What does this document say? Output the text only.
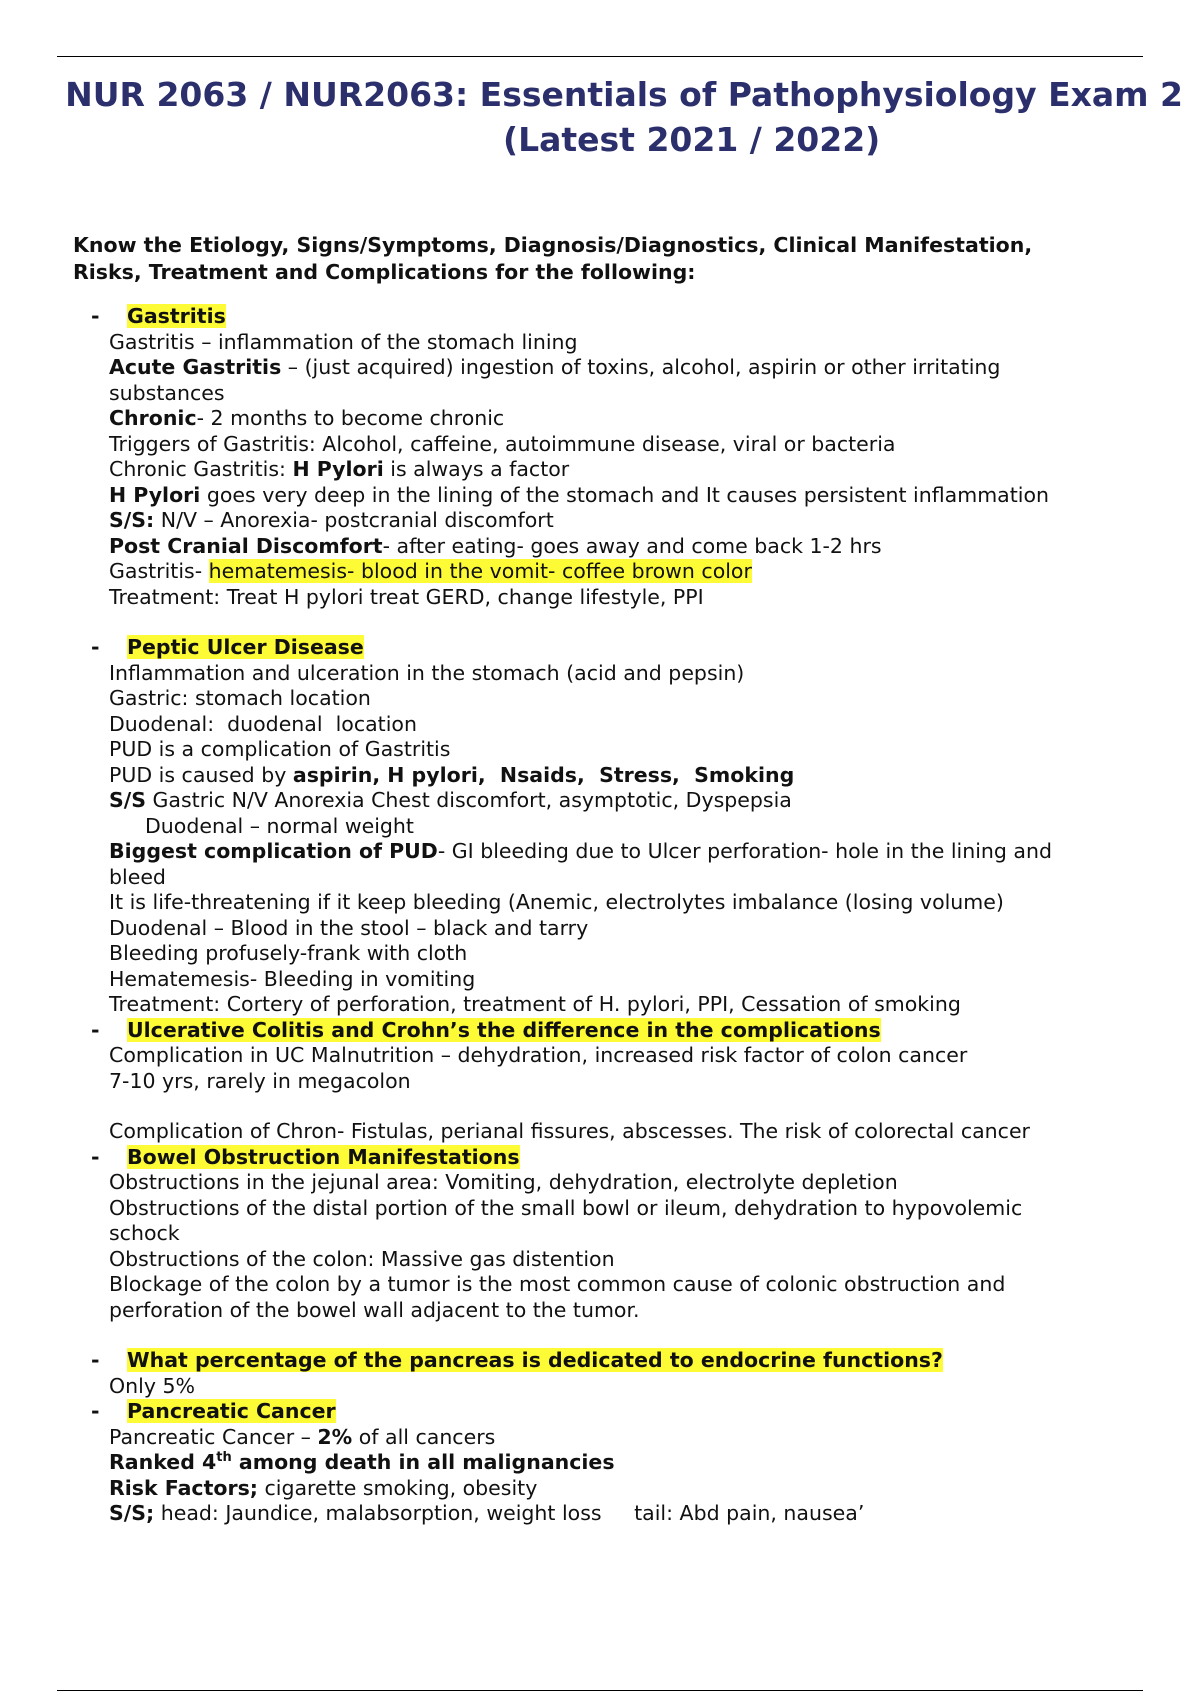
NUR 2063 / NUR2063: Essentials of Pathophysiology Exam 2
(Latest 2021 / 2022)
Know the Etiology, Signs/Symptoms, Diagnosis/Diagnostics, Clinical Manifestation,
Risks, Treatment and Complications for the following:
- Gastritis
Gastritis – inflammation of the stomach lining
Acute Gastritis – (just acquired) ingestion of toxins, alcohol, aspirin or other irritating
substances
Chronic- 2 months to become chronic
Triggers of Gastritis: Alcohol, caffeine, autoimmune disease, viral or bacteria
Chronic Gastritis: H Pylori is always a factor
H Pylori goes very deep in the lining of the stomach and It causes persistent inflammation
S/S: N/V – Anorexia- postcranial discomfort
Post Cranial Discomfort- after eating- goes away and come back 1-2 hrs
Gastritis- hematemesis- blood in the vomit- coffee brown color
Treatment: Treat H pylori treat GERD, change lifestyle, PPI
- Peptic Ulcer Disease
Inflammation and ulceration in the stomach (acid and pepsin)
Gastric: stomach location
Duodenal:  duodenal  location
PUD is a complication of Gastritis
PUD is caused by aspirin, H pylori,  Nsaids,  Stress,  Smoking
S/S Gastric N/V Anorexia Chest discomfort, asymptotic, Dyspepsia
Duodenal – normal weight
Biggest complication of PUD- GI bleeding due to Ulcer perforation- hole in the lining and
bleed
It is life-threatening if it keep bleeding (Anemic, electrolytes imbalance (losing volume)
Duodenal – Blood in the stool – black and tarry
Bleeding profusely-frank with cloth
Hematemesis- Bleeding in vomiting
Treatment: Cortery of perforation, treatment of H. pylori, PPI, Cessation of smoking
- Ulcerative Colitis and Crohn’s the difference in the complications
Complication in UC Malnutrition – dehydration, increased risk factor of colon cancer
7-10 yrs, rarely in megacolon
Complication of Chron- Fistulas, perianal fissures, abscesses. The risk of colorectal cancer
- Bowel Obstruction Manifestations
Obstructions in the jejunal area: Vomiting, dehydration, electrolyte depletion
Obstructions of the distal portion of the small bowl or ileum, dehydration to hypovolemic
schock
Obstructions of the colon: Massive gas distention
Blockage of the colon by a tumor is the most common cause of colonic obstruction and
perforation of the bowel wall adjacent to the tumor.
- What percentage of the pancreas is dedicated to endocrine functions?
Only 5%
- Pancreatic Cancer
Pancreatic Cancer – 2% of all cancers
Ranked 4th among death in all malignancies
Risk Factors; cigarette smoking, obesity
S/S; head: Jaundice, malabsorption, weight loss     tail: Abd pain, nausea’
